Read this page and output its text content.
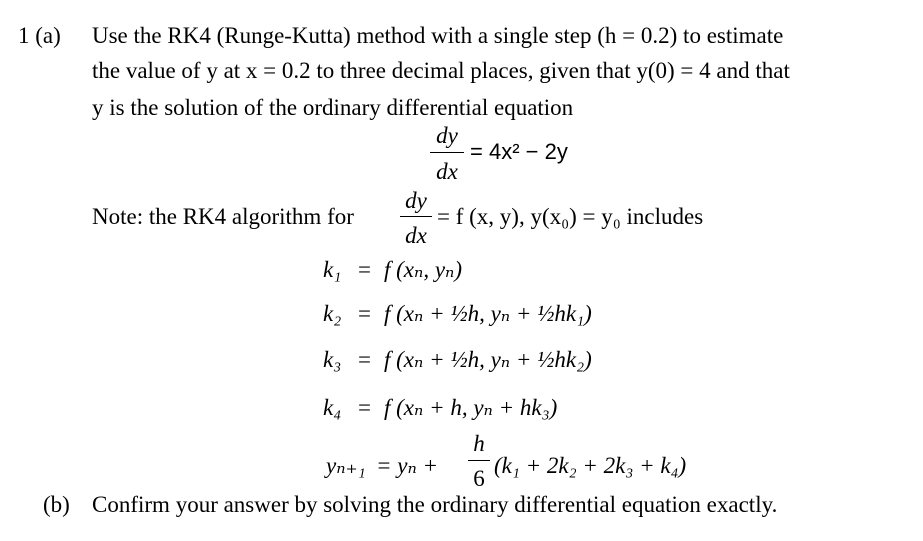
1 (a) Use the RK4 (Runge-Kutta) method with a single step (h = 0.2) to estimate
the value of y at x = 0.2 to three decimal places, given that y(0) = 4 and that
y is the solution of the ordinary differential equation
dy
dx
= 4x² − 2y
Note: the RK4 algorithm for
dy
dx
= f (x, y), y(x₀) = y₀ includes
k₁ = f (xₙ, yₙ)
k₂ = f (xₙ + ½h, yₙ + ½hk₁)
k₃ = f (xₙ + ½h, yₙ + ½hk₂)
k₄ = f (xₙ + h, yₙ + hk₃)
yₙ₊₁ = yₙ +
h
6
(k₁ + 2k₂ + 2k₃ + k₄)
(b) Confirm your answer by solving the ordinary differential equation exactly.
